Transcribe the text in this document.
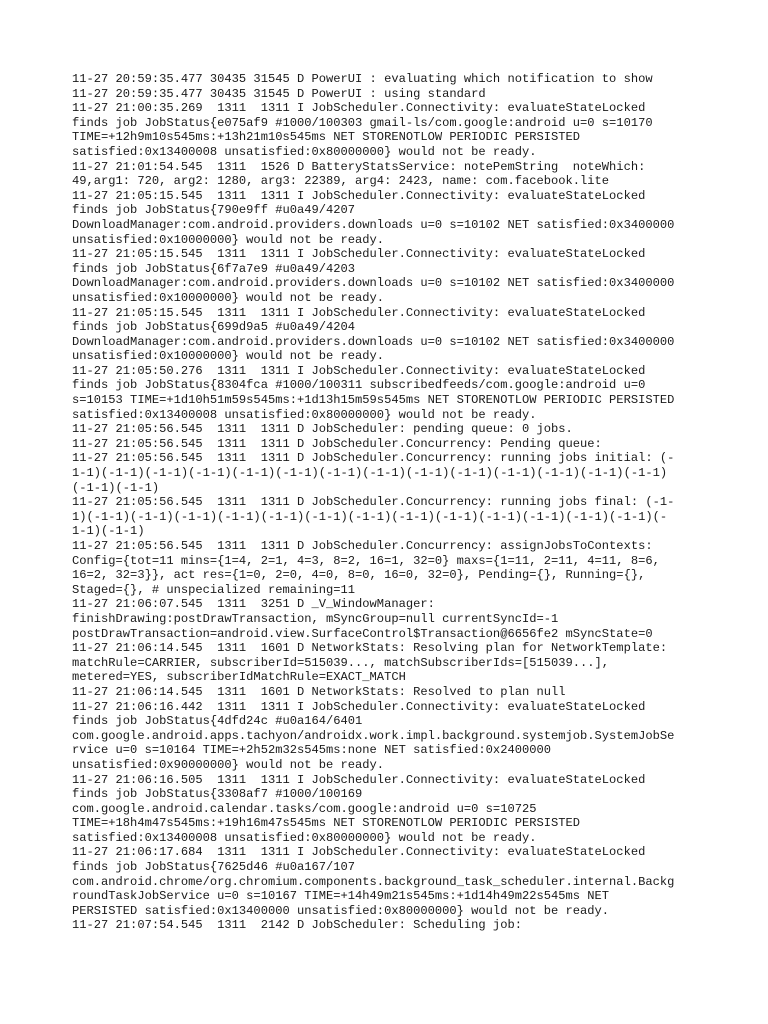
11-27 20:59:35.477 30435 31545 D PowerUI : evaluating which notification to show

11-27 20:59:35.477 30435 31545 D PowerUI : using standard

11-27 21:00:35.269  1311  1311 I JobScheduler.Connectivity: evaluateStateLocked

finds job JobStatus{e075af9 #1000/100303 gmail-ls/com.google:android u=0 s=10170

TIME=+12h9m10s545ms:+13h21m10s545ms NET STORENOTLOW PERIODIC PERSISTED

satisfied:0x13400008 unsatisfied:0x80000000} would not be ready.

11-27 21:01:54.545  1311  1526 D BatteryStatsService: notePemString  noteWhich:

49,arg1: 720, arg2: 1280, arg3: 22389, arg4: 2423, name: com.facebook.lite

11-27 21:05:15.545  1311  1311 I JobScheduler.Connectivity: evaluateStateLocked

finds job JobStatus{790e9ff #u0a49/4207

DownloadManager:com.android.providers.downloads u=0 s=10102 NET satisfied:0x3400000

unsatisfied:0x10000000} would not be ready.

11-27 21:05:15.545  1311  1311 I JobScheduler.Connectivity: evaluateStateLocked

finds job JobStatus{6f7a7e9 #u0a49/4203

DownloadManager:com.android.providers.downloads u=0 s=10102 NET satisfied:0x3400000

unsatisfied:0x10000000} would not be ready.

11-27 21:05:15.545  1311  1311 I JobScheduler.Connectivity: evaluateStateLocked

finds job JobStatus{699d9a5 #u0a49/4204

DownloadManager:com.android.providers.downloads u=0 s=10102 NET satisfied:0x3400000

unsatisfied:0x10000000} would not be ready.

11-27 21:05:50.276  1311  1311 I JobScheduler.Connectivity: evaluateStateLocked

finds job JobStatus{8304fca #1000/100311 subscribedfeeds/com.google:android u=0

s=10153 TIME=+1d10h51m59s545ms:+1d13h15m59s545ms NET STORENOTLOW PERIODIC PERSISTED

satisfied:0x13400008 unsatisfied:0x80000000} would not be ready.

11-27 21:05:56.545  1311  1311 D JobScheduler: pending queue: 0 jobs.

11-27 21:05:56.545  1311  1311 D JobScheduler.Concurrency: Pending queue:

11-27 21:05:56.545  1311  1311 D JobScheduler.Concurrency: running jobs initial: (-

1-1)(-1-1)(-1-1)(-1-1)(-1-1)(-1-1)(-1-1)(-1-1)(-1-1)(-1-1)(-1-1)(-1-1)(-1-1)(-1-1)

(-1-1)(-1-1)

11-27 21:05:56.545  1311  1311 D JobScheduler.Concurrency: running jobs final: (-1-

1)(-1-1)(-1-1)(-1-1)(-1-1)(-1-1)(-1-1)(-1-1)(-1-1)(-1-1)(-1-1)(-1-1)(-1-1)(-1-1)(-

1-1)(-1-1)

11-27 21:05:56.545  1311  1311 D JobScheduler.Concurrency: assignJobsToContexts:

Config={tot=11 mins={1=4, 2=1, 4=3, 8=2, 16=1, 32=0} maxs={1=11, 2=11, 4=11, 8=6,

16=2, 32=3}}, act res={1=0, 2=0, 4=0, 8=0, 16=0, 32=0}, Pending={}, Running={},

Staged={}, # unspecialized remaining=11

11-27 21:06:07.545  1311  3251 D _V_WindowManager:

finishDrawing:postDrawTransaction, mSyncGroup=null currentSyncId=-1

postDrawTransaction=android.view.SurfaceControl$Transaction@6656fe2 mSyncState=0

11-27 21:06:14.545  1311  1601 D NetworkStats: Resolving plan for NetworkTemplate:

matchRule=CARRIER, subscriberId=515039..., matchSubscriberIds=[515039...],

metered=YES, subscriberIdMatchRule=EXACT_MATCH

11-27 21:06:14.545  1311  1601 D NetworkStats: Resolved to plan null

11-27 21:06:16.442  1311  1311 I JobScheduler.Connectivity: evaluateStateLocked

finds job JobStatus{4dfd24c #u0a164/6401

com.google.android.apps.tachyon/androidx.work.impl.background.systemjob.SystemJobSe

rvice u=0 s=10164 TIME=+2h52m32s545ms:none NET satisfied:0x2400000

unsatisfied:0x90000000} would not be ready.

11-27 21:06:16.505  1311  1311 I JobScheduler.Connectivity: evaluateStateLocked

finds job JobStatus{3308af7 #1000/100169

com.google.android.calendar.tasks/com.google:android u=0 s=10725

TIME=+18h4m47s545ms:+19h16m47s545ms NET STORENOTLOW PERIODIC PERSISTED

satisfied:0x13400008 unsatisfied:0x80000000} would not be ready.

11-27 21:06:17.684  1311  1311 I JobScheduler.Connectivity: evaluateStateLocked

finds job JobStatus{7625d46 #u0a167/107

com.android.chrome/org.chromium.components.background_task_scheduler.internal.Backg

roundTaskJobService u=0 s=10167 TIME=+14h49m21s545ms:+1d14h49m22s545ms NET

PERSISTED satisfied:0x13400000 unsatisfied:0x80000000} would not be ready.

11-27 21:07:54.545  1311  2142 D JobScheduler: Scheduling job:
